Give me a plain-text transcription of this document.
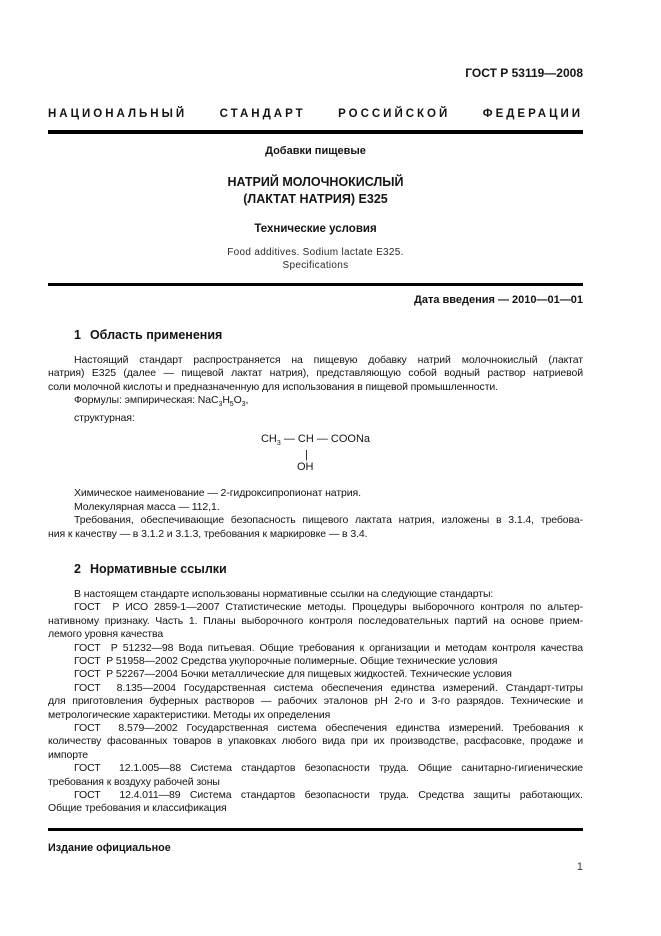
ГОСТ Р 53119—2008
НАЦИОНАЛЬНЫЙ СТАНДАРТ РОССИЙСКОЙ ФЕДЕРАЦИИ
Добавки пищевые
НАТРИЙ МОЛОЧНОКИСЛЫЙ
(ЛАКТАТ НАТРИЯ) Е325
Технические условия
Food additives. Sodium lactate E325.
Specifications
Дата введения — 2010—01—01
1 Область применения
Настоящий стандарт распространяется на пищевую добавку натрий молочнокислый (лактат
натрия) Е325 (далее — пищевой лактат натрия), представляющую собой водный раствор натриевой
соли молочной кислоты и предназначенную для использования в пищевой промышленности.
Формулы: эмпирическая: $NaC_3H_5O_3$,
структурная:
$CH_3$ — CH — COONa
|
OH
Химическое наименование — 2-гидроксипропионат натрия.
Молекулярная масса — 112,1.
Требования, обеспечивающие безопасность пищевого лактата натрия, изложены в 3.1.4, требова-
ния к качеству — в 3.1.2 и 3.1.3, требования к маркировке — в 3.4.
2 Нормативные ссылки
В настоящем стандарте использованы нормативные ссылки на следующие стандарты:
ГОСТ  Р ИСО 2859-1—2007 Статистические методы. Процедуры выборочного контроля по альтер-
нативному признаку. Часть 1. Планы выборочного контроля последовательных партий на основе прием-
лемого уровня качества
ГОСТ  Р 51232—98 Вода питьевая. Общие требования к организации и методам контроля качества
ГОСТ  Р 51958—2002 Средства укупорочные полимерные. Общие технические условия
ГОСТ  Р 52267—2004 Бочки металлические для пищевых жидкостей. Технические условия
ГОСТ  8.135—2004 Государственная система обеспечения единства измерений. Стандарт-титры
для приготовления буферных растворов — рабочих эталонов pH 2-го и 3-го разрядов. Технические и
метрологические характеристики. Методы их определения
ГОСТ  8.579—2002 Государственная система обеспечения единства измерений. Требования к
количеству фасованных товаров в упаковках любого вида при их производстве, расфасовке, продаже и
импорте
ГОСТ  12.1.005—88 Система стандартов безопасности труда. Общие санитарно-гигиенические
требования к воздуху рабочей зоны
ГОСТ  12.4.011—89 Система стандартов безопасности труда. Средства защиты работающих.
Общие требования и классификация
Издание официальное
1
